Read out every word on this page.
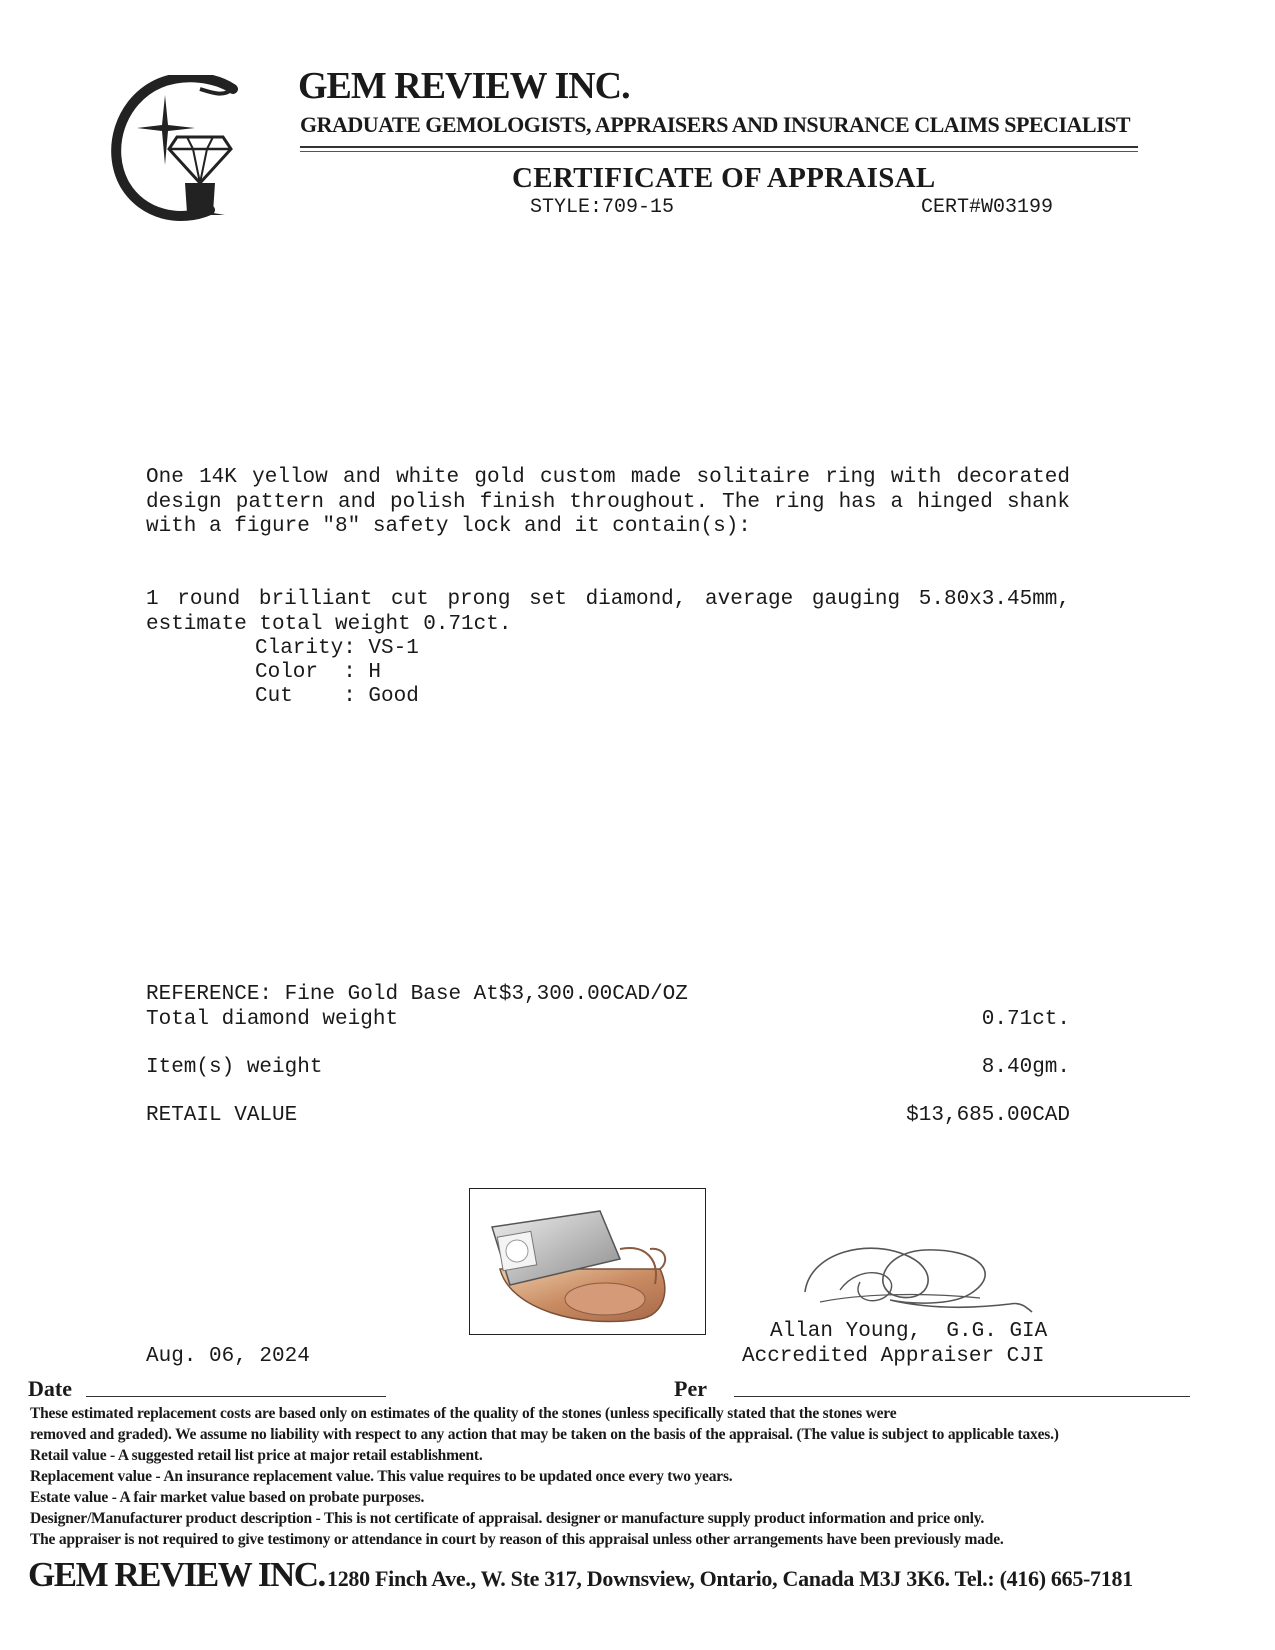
GEM REVIEW INC.
GRADUATE GEMOLOGISTS, APPRAISERS AND INSURANCE CLAIMS SPECIALIST
CERTIFICATE OF APPRAISAL
STYLE:709-15	CERT#W03199
One 14K yellow and white gold custom made solitaire ring with decorated design pattern and polish finish throughout. The ring has a hinged shank with a figure "8" safety lock and it contain(s):
1 round brilliant cut prong set diamond, average gauging 5.80x3.45mm, estimate total weight 0.71ct.
Clarity: VS-1
Color  : H
Cut    : Good
REFERENCE: Fine Gold Base At$3,300.00CAD/OZ
Total diamond weight	0.71ct.
Item(s) weight	8.40gm.
RETAIL VALUE	$13,685.00CAD
Allan Young,  G.G. GIA
Accredited Appraiser CJI
Aug. 06, 2024
Date	Per
These estimated replacement costs are based only on estimates of the quality of the stones (unless specifically stated that the stones were
removed and graded). We assume no liability with respect to any action that may be taken on the basis of the appraisal. (The value is subject to applicable taxes.)
Retail value - A suggested retail list price at major retail establishment.
Replacement value - An insurance replacement value. This value requires to be updated once every two years.
Estate value - A fair market value based on probate purposes.
Designer/Manufacturer product description - This is not certificate of appraisal. designer or manufacture supply product information and price only.
The appraiser is not required to give testimony or attendance in court by reason of this appraisal unless other arrangements have been previously made.
GEM REVIEW INC. 1280 Finch Ave., W. Ste 317, Downsview, Ontario, Canada M3J 3K6. Tel.: (416) 665-7181
